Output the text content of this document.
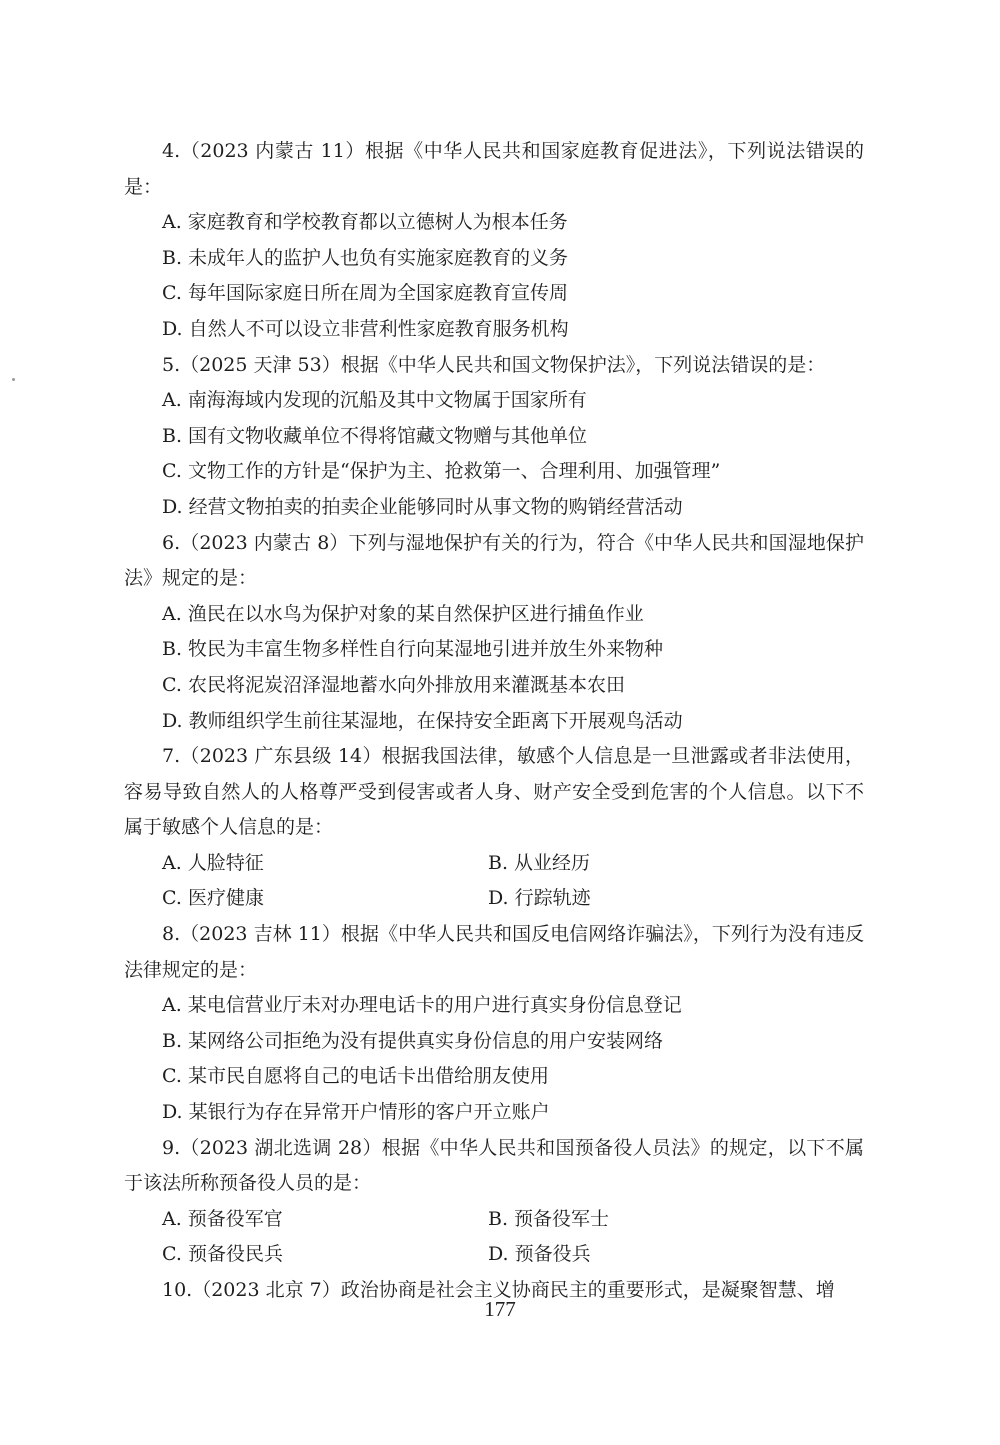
4.（2023 内蒙古 11）根据《中华人民共和国家庭教育促进法》，下列说法错误的是：
A. 家庭教育和学校教育都以立德树人为根本任务
B. 未成年人的监护人也负有实施家庭教育的义务
C. 每年国际家庭日所在周为全国家庭教育宣传周
D. 自然人不可以设立非营利性家庭教育服务机构
5.（2025 天津 53）根据《中华人民共和国文物保护法》，下列说法错误的是：
A. 南海海域内发现的沉船及其中文物属于国家所有
B. 国有文物收藏单位不得将馆藏文物赠与其他单位
C. 文物工作的方针是“保护为主、抢救第一、合理利用、加强管理”
D. 经营文物拍卖的拍卖企业能够同时从事文物的购销经营活动
6.（2023 内蒙古 8）下列与湿地保护有关的行为，符合《中华人民共和国湿地保护法》规定的是：
A. 渔民在以水鸟为保护对象的某自然保护区进行捕鱼作业
B. 牧民为丰富生物多样性自行向某湿地引进并放生外来物种
C. 农民将泥炭沼泽湿地蓄水向外排放用来灌溉基本农田
D. 教师组织学生前往某湿地，在保持安全距离下开展观鸟活动
7.（2023 广东县级 14）根据我国法律，敏感个人信息是一旦泄露或者非法使用，容易导致自然人的人格尊严受到侵害或者人身、财产安全受到危害的个人信息。以下不属于敏感个人信息的是：
A. 人脸特征	B. 从业经历
C. 医疗健康	D. 行踪轨迹
8.（2023 吉林 11）根据《中华人民共和国反电信网络诈骗法》，下列行为没有违反法律规定的是：
A. 某电信营业厅未对办理电话卡的用户进行真实身份信息登记
B. 某网络公司拒绝为没有提供真实身份信息的用户安装网络
C. 某市民自愿将自己的电话卡出借给朋友使用
D. 某银行为存在异常开户情形的客户开立账户
9.（2023 湖北选调 28）根据《中华人民共和国预备役人员法》的规定，以下不属于该法所称预备役人员的是：
A. 预备役军官	B. 预备役军士
C. 预备役民兵	D. 预备役兵
10.（2023 北京 7）政治协商是社会主义协商民主的重要形式，是凝聚智慧、增
177
